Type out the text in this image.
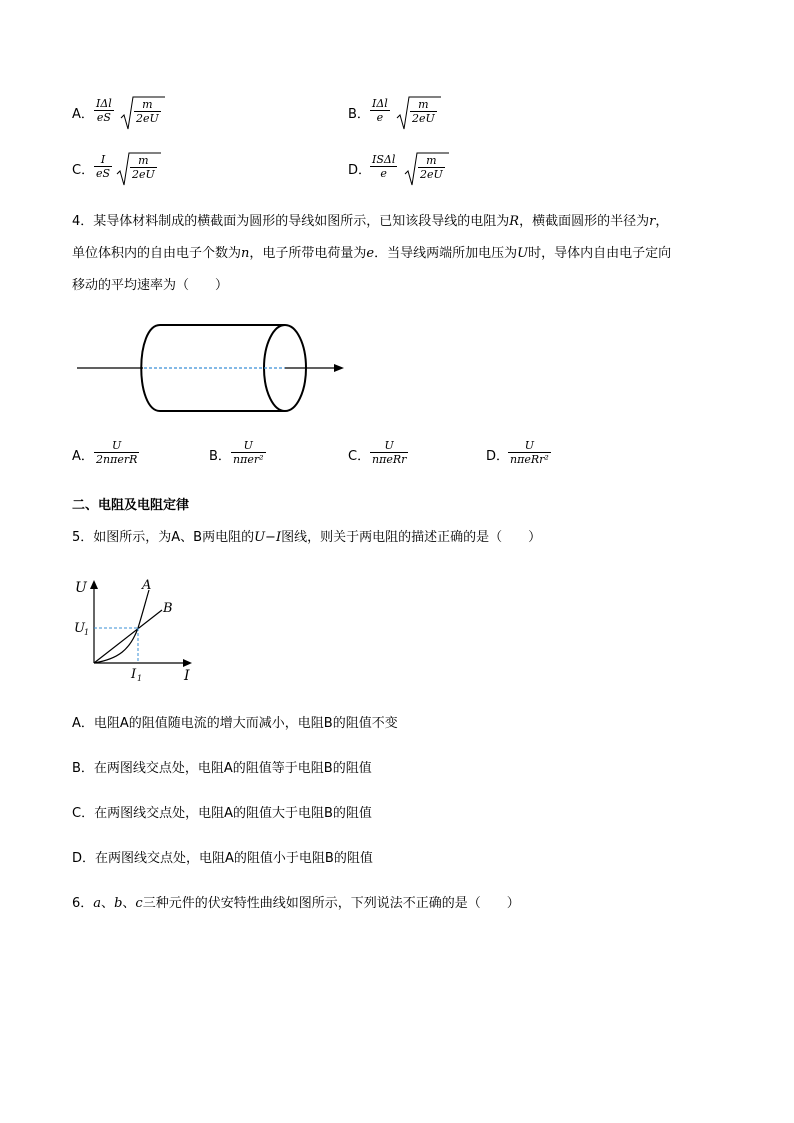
A．
IΔl
eS $\frac{m}{2eU}$	B．
IΔl
e	$\frac{m}{2eU}$
C． $\frac{I}{eS} \frac{m}{2eU}$	D．
ISΔl
e	$\frac{m}{2eU}$
4．某导体材料制成的横截面为圆形的导线如图所示，已知该段导线的电阻为R，横截面圆形的半径为r，
单位体积内的自由电子个数为n，电子所带电荷量为e．当导线两端所加电压为U时，导体内自由电子定向
移动的平均速率为（　　）
A．
U
2nπerR	B．
U
nπer²	C．
U
nπeRr	D．
U
nπeRr²
二、电阻及电阻定律
5．如图所示，为A、B两电阻的U−I图线，则关于两电阻的描述正确的是（　　）
U
I
A
B
U 1
I 1
A．电阻A的阻值随电流的增大而减小，电阻B的阻值不变
B．在两图线交点处，电阻A的阻值等于电阻B的阻值
C．在两图线交点处，电阻A的阻值大于电阻B的阻值
D．在两图线交点处，电阻A的阻值小于电阻B的阻值
6．a、b、c三种元件的伏安特性曲线如图所示，下列说法不正确的是（　　）
